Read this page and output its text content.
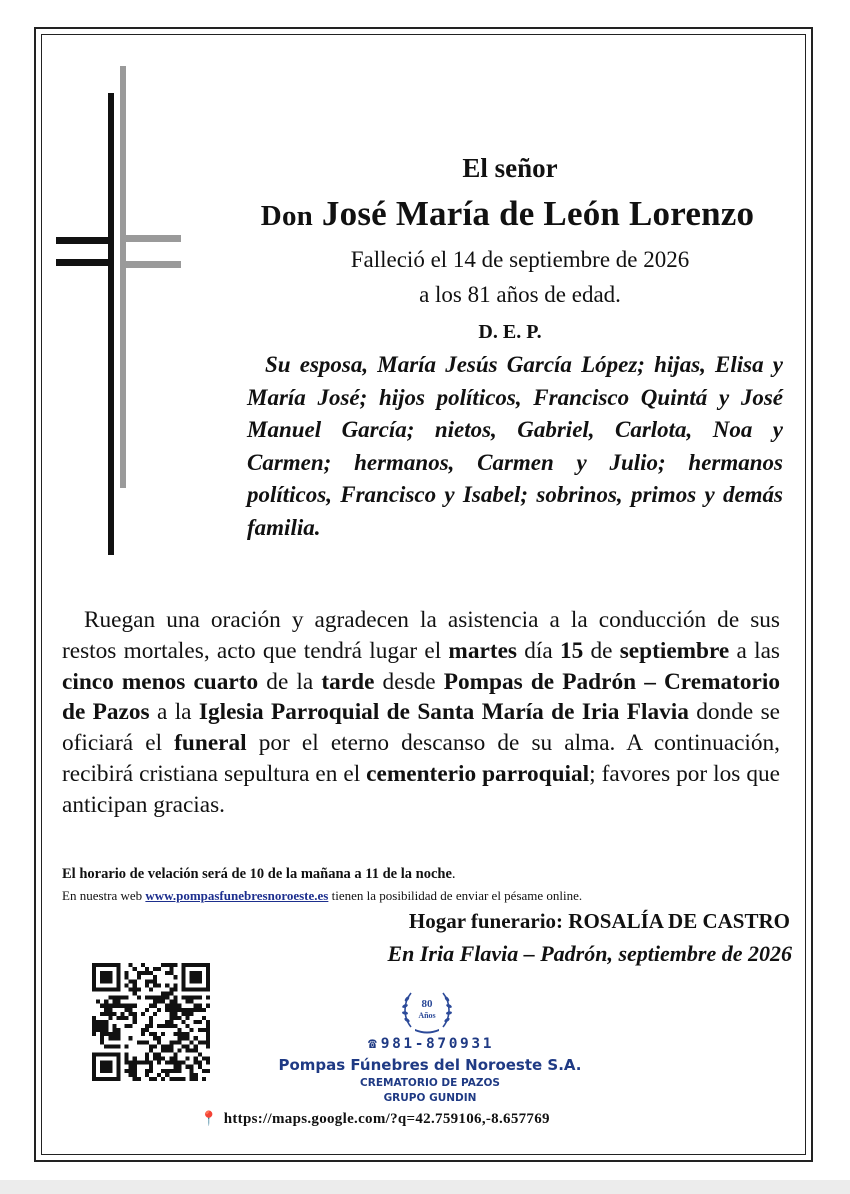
El señor
Don José María de León Lorenzo
Falleció el 14 de septiembre de 2026
a los 81 años de edad.
D. E. P.
Su esposa, María Jesús García López; hijas, Elisa y María José; hijos políticos, Francisco Quintá y José Manuel García; nietos, Gabriel, Carlota, Noa y Carmen; hermanos, Carmen y Julio; hermanos políticos, Francisco y Isabel; sobrinos, primos y demás familia.
Ruegan una oración y agradecen la asistencia a la conducción de sus restos mortales, acto que tendrá lugar el martes día 15 de septiembre a las cinco menos cuarto de la tarde desde Pompas de Padrón – Crematorio de Pazos a la Iglesia Parroquial de Santa María de Iria Flavia donde se oficiará el funeral por el eterno descanso de su alma. A continuación, recibirá cristiana sepultura en el cementerio parroquial; favores por los que anticipan gracias.
El horario de velación será de 10 de la mañana a 11 de la noche.
En nuestra web www.pompasfunebresnoroeste.es tienen la posibilidad de enviar el pésame online.
Hogar funerario: ROSALÍA DE CASTRO
En Iria Flavia – Padrón, septiembre de 2026
80
Años
☎ 981-870931
Pompas Fúnebres del Noroeste S.A.
CREMATORIO DE PAZOS
GRUPO GUNDIN
📍 https://maps.google.com/?q=42.759106,-8.657769
